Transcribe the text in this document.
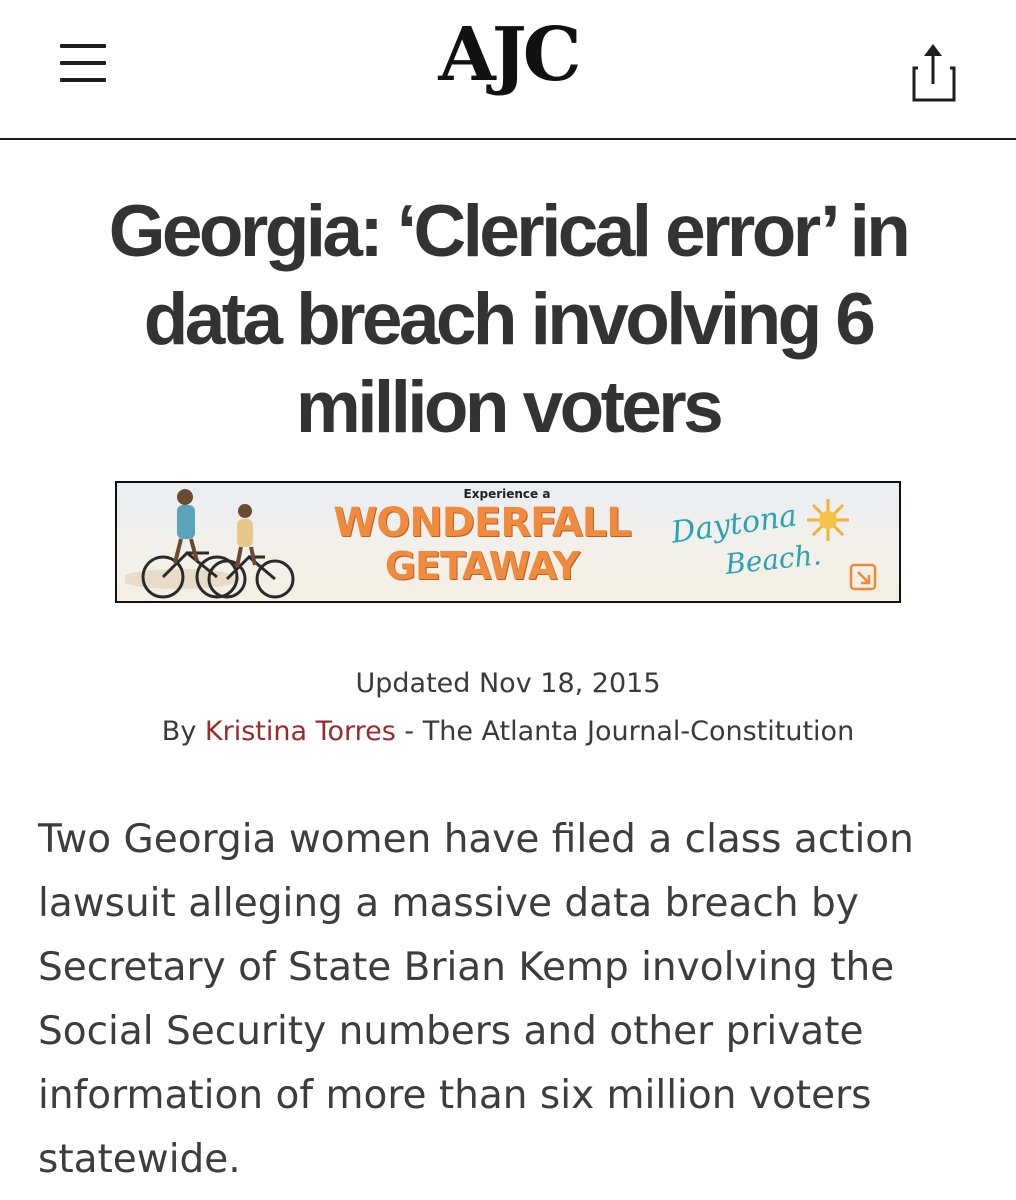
AJC
Georgia: ‘Clerical error’ in data breach involving 6 million voters
Experience a
WONDERFALL
GETAWAY
Daytona
Beach.
Updated Nov 18, 2015
By Kristina Torres - The Atlanta Journal-Constitution

Two Georgia women have filed a class action lawsuit alleging a massive data breach by Secretary of State Brian Kemp involving the Social Security numbers and other private information of more than six million voters statewide.
